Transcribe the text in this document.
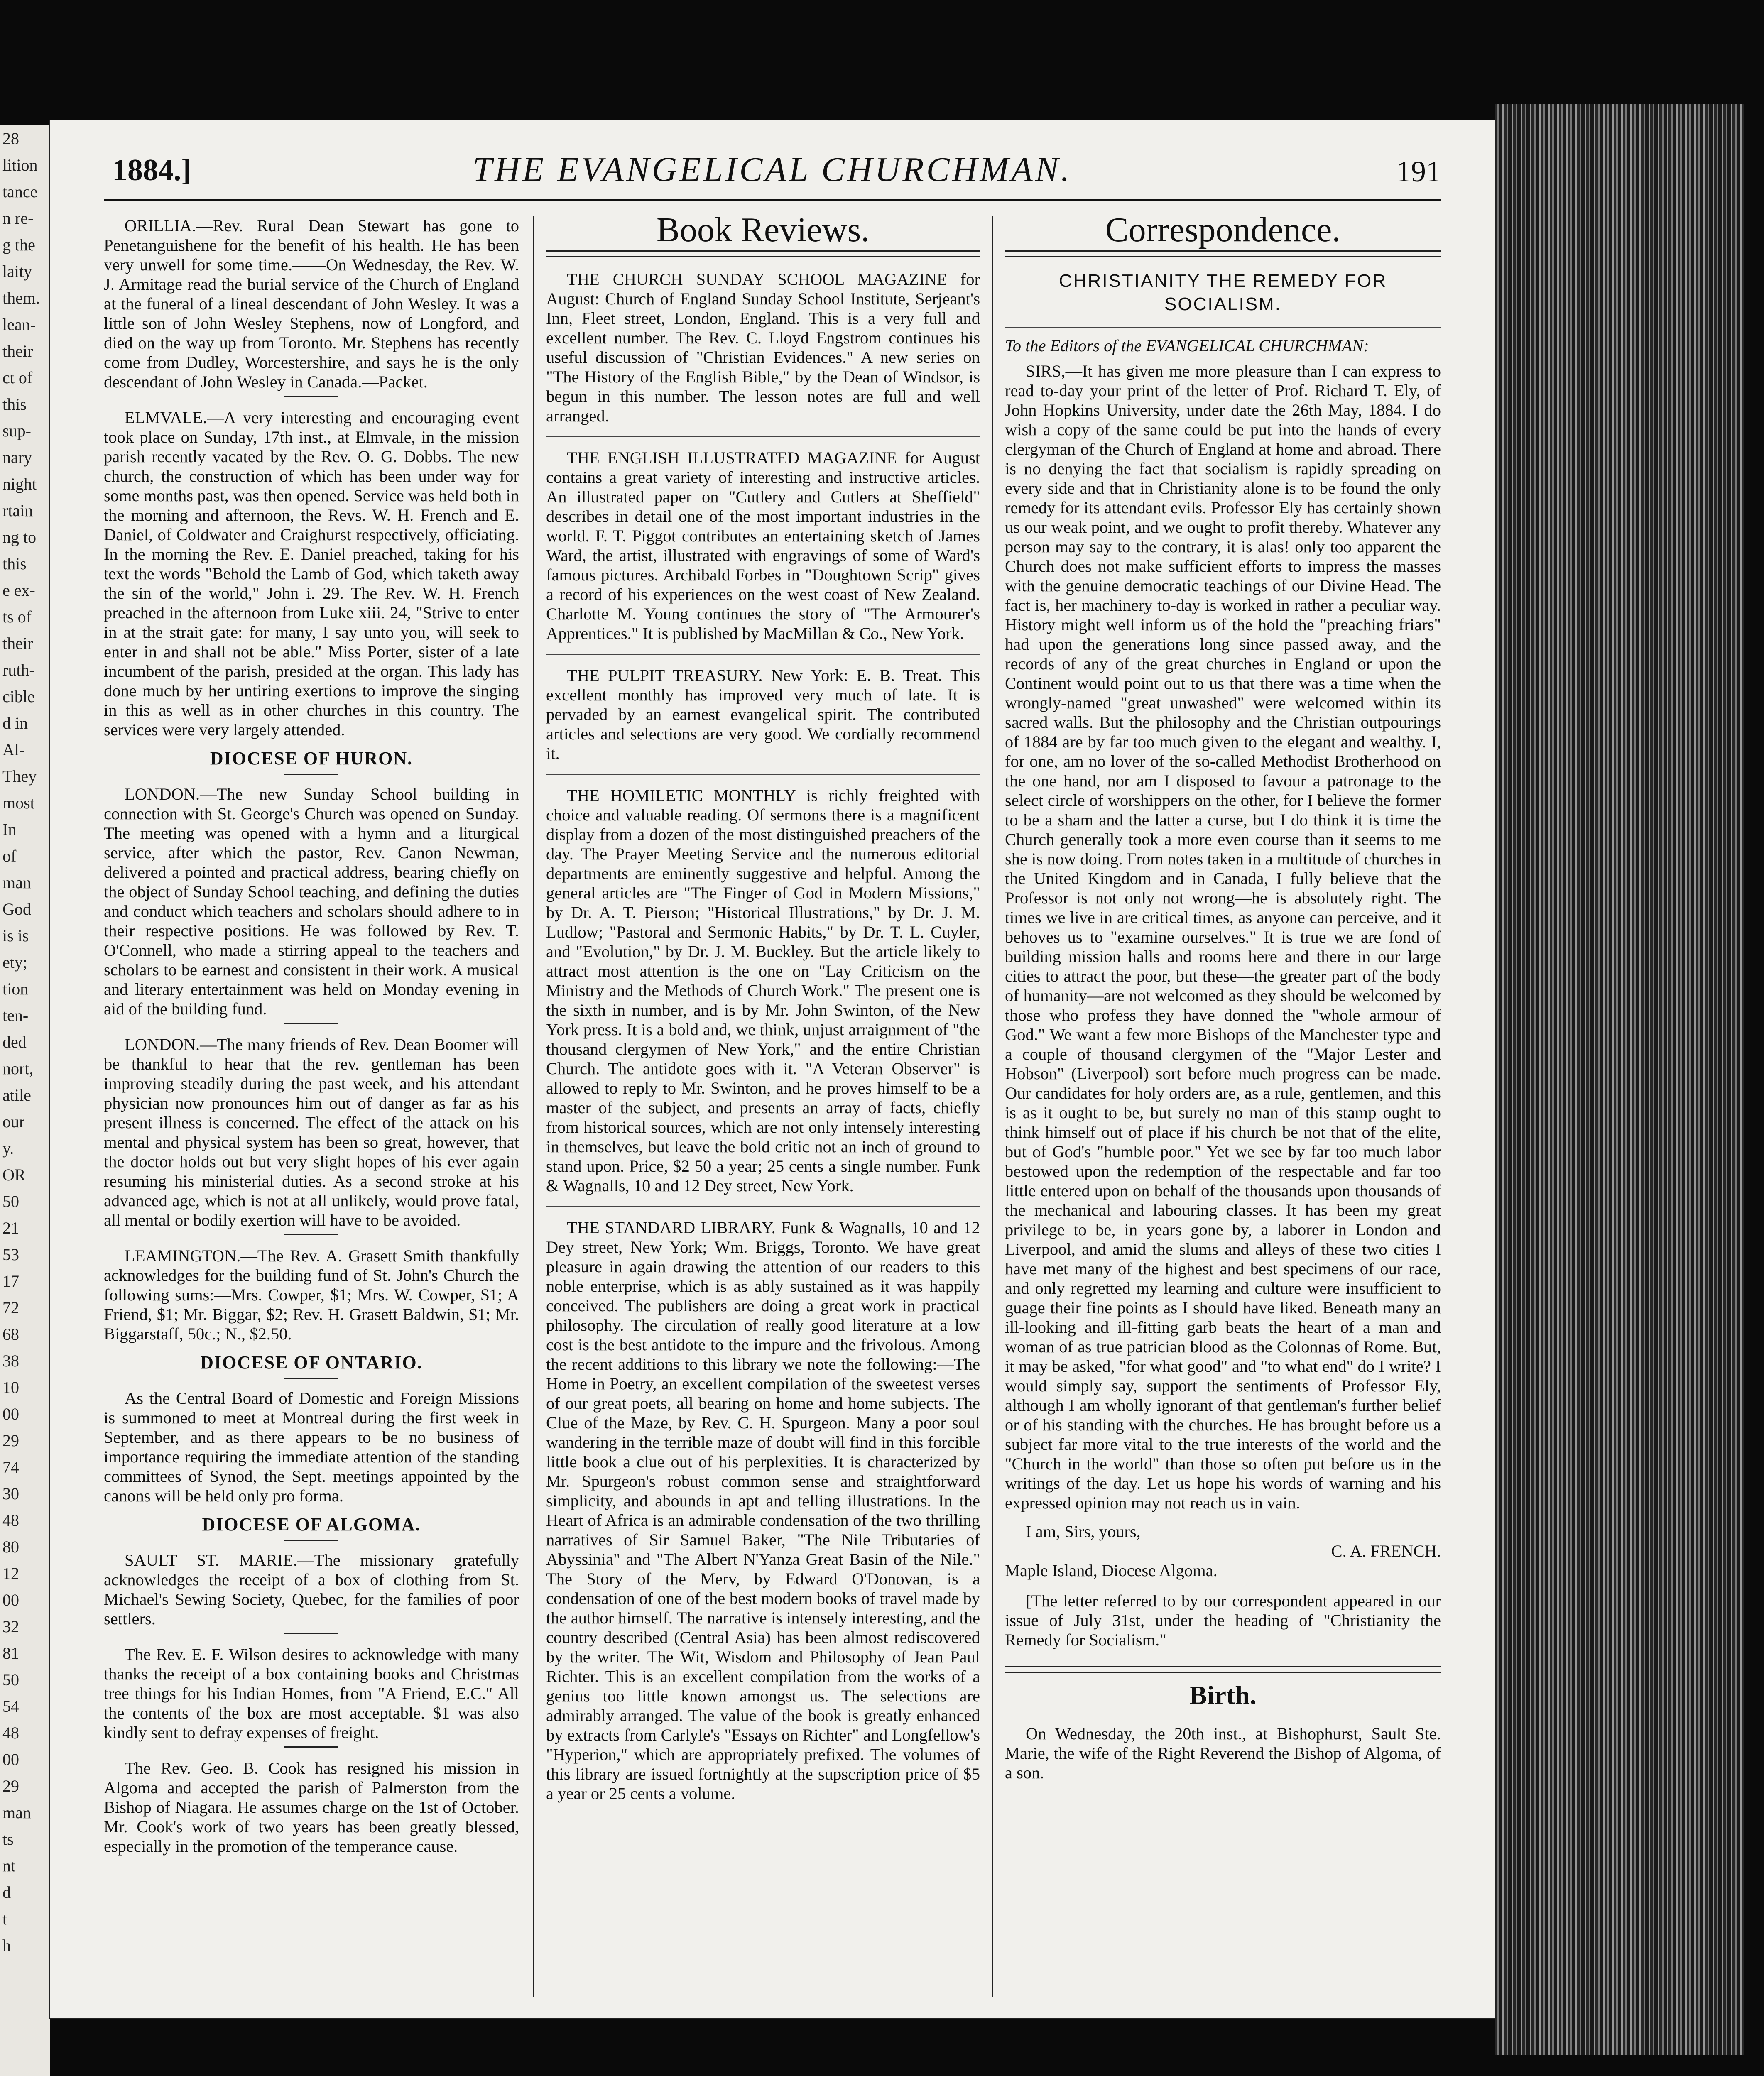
28
lition
tance
n re-
g the
laity
them.
lean-
their
ct of
this
sup-
nary
night
rtain
ng to
this
e ex-
ts of
their
ruth-
cible
d in
Al-
They
most
In
of
man
God
is is
ety;
tion
ten-
ded
nort,
atile
our
y.
OR
50
21
53
17
72
68
38
10
00
29
74
30
48
80
12
00
32
81
50
54
48
00
29
man
ts
nt
d
t
h
1884.]	THE EVANGELICAL CHURCHMAN.	191

ORILLIA.—Rev. Rural Dean Stewart has gone to Penetanguishene for the benefit of his health. He has been very unwell for some time.——On Wednesday, the Rev. W. J. Armitage read the burial service of the Church of England at the funeral of a lineal descendant of John Wesley. It was a little son of John Wesley Stephens, now of Longford, and died on the way up from Toronto. Mr. Stephens has recently come from Dudley, Worcestershire, and says he is the only descendant of John Wesley in Canada.—Packet.

ELMVALE.—A very interesting and encouraging event took place on Sunday, 17th inst., at Elmvale, in the mission parish recently vacated by the Rev. O. G. Dobbs. The new church, the construction of which has been under way for some months past, was then opened. Service was held both in the morning and afternoon, the Revs. W. H. French and E. Daniel, of Coldwater and Craighurst respectively, officiating. In the morning the Rev. E. Daniel preached, taking for his text the words "Behold the Lamb of God, which taketh away the sin of the world," John i. 29. The Rev. W. H. French preached in the afternoon from Luke xiii. 24, "Strive to enter in at the strait gate: for many, I say unto you, will seek to enter in and shall not be able." Miss Porter, sister of a late incumbent of the parish, presided at the organ. This lady has done much by her untiring exertions to improve the singing in this as well as in other churches in this country. The services were very largely attended.

DIOCESE OF HURON.

LONDON.—The new Sunday School building in connection with St. George's Church was opened on Sunday. The meeting was opened with a hymn and a liturgical service, after which the pastor, Rev. Canon Newman, delivered a pointed and practical address, bearing chiefly on the object of Sunday School teaching, and defining the duties and conduct which teachers and scholars should adhere to in their respective positions. He was followed by Rev. T. O'Connell, who made a stirring appeal to the teachers and scholars to be earnest and consistent in their work. A musical and literary entertainment was held on Monday evening in aid of the building fund.

LONDON.—The many friends of Rev. Dean Boomer will be thankful to hear that the rev. gentleman has been improving steadily during the past week, and his attendant physician now pronounces him out of danger as far as his present illness is concerned. The effect of the attack on his mental and physical system has been so great, however, that the doctor holds out but very slight hopes of his ever again resuming his ministerial duties. As a second stroke at his advanced age, which is not at all unlikely, would prove fatal, all mental or bodily exertion will have to be avoided.

LEAMINGTON.—The Rev. A. Grasett Smith thankfully acknowledges for the building fund of St. John's Church the following sums:—Mrs. Cowper, $1; Mrs. W. Cowper, $1; A Friend, $1; Mr. Biggar, $2; Rev. H. Grasett Baldwin, $1; Mr. Biggarstaff, 50c.; N., $2.50.

DIOCESE OF ONTARIO.

As the Central Board of Domestic and Foreign Missions is summoned to meet at Montreal during the first week in September, and as there appears to be no business of importance requiring the immediate attention of the standing committees of Synod, the Sept. meetings appointed by the canons will be held only pro forma.

DIOCESE OF ALGOMA.

SAULT ST. MARIE.—The missionary gratefully acknowledges the receipt of a box of clothing from St. Michael's Sewing Society, Quebec, for the families of poor settlers.

The Rev. E. F. Wilson desires to acknowledge with many thanks the receipt of a box containing books and Christmas tree things for his Indian Homes, from "A Friend, E.C." All the contents of the box are most acceptable. $1 was also kindly sent to defray expenses of freight.

The Rev. Geo. B. Cook has resigned his mission in Algoma and accepted the parish of Palmerston from the Bishop of Niagara. He assumes charge on the 1st of October. Mr. Cook's work of two years has been greatly blessed, especially in the promotion of the temperance cause.

Book Reviews.

THE CHURCH SUNDAY SCHOOL MAGAZINE for August: Church of England Sunday School Institute, Serjeant's Inn, Fleet street, London, England. This is a very full and excellent number. The Rev. C. Lloyd Engstrom continues his useful discussion of "Christian Evidences." A new series on "The History of the English Bible," by the Dean of Windsor, is begun in this number. The lesson notes are full and well arranged.

THE ENGLISH ILLUSTRATED MAGAZINE for August contains a great variety of interesting and instructive articles. An illustrated paper on "Cutlery and Cutlers at Sheffield" describes in detail one of the most important industries in the world. F. T. Piggot contributes an entertaining sketch of James Ward, the artist, illustrated with engravings of some of Ward's famous pictures. Archibald Forbes in "Doughtown Scrip" gives a record of his experiences on the west coast of New Zealand. Charlotte M. Young continues the story of "The Armourer's Apprentices." It is published by MacMillan & Co., New York.

THE PULPIT TREASURY. New York: E. B. Treat. This excellent monthly has improved very much of late. It is pervaded by an earnest evangelical spirit. The contributed articles and selections are very good. We cordially recommend it.

THE HOMILETIC MONTHLY is richly freighted with choice and valuable reading. Of sermons there is a magnificent display from a dozen of the most distinguished preachers of the day. The Prayer Meeting Service and the numerous editorial departments are eminently suggestive and helpful. Among the general articles are "The Finger of God in Modern Missions," by Dr. A. T. Pierson; "Historical Illustrations," by Dr. J. M. Ludlow; "Pastoral and Sermonic Habits," by Dr. T. L. Cuyler, and "Evolution," by Dr. J. M. Buckley. But the article likely to attract most attention is the one on "Lay Criticism on the Ministry and the Methods of Church Work." The present one is the sixth in number, and is by Mr. John Swinton, of the New York press. It is a bold and, we think, unjust arraignment of "the thousand clergymen of New York," and the entire Christian Church. The antidote goes with it. "A Veteran Observer" is allowed to reply to Mr. Swinton, and he proves himself to be a master of the subject, and presents an array of facts, chiefly from historical sources, which are not only intensely interesting in themselves, but leave the bold critic not an inch of ground to stand upon. Price, $2 50 a year; 25 cents a single number. Funk & Wagnalls, 10 and 12 Dey street, New York.

THE STANDARD LIBRARY. Funk & Wagnalls, 10 and 12 Dey street, New York; Wm. Briggs, Toronto. We have great pleasure in again drawing the attention of our readers to this noble enterprise, which is as ably sustained as it was happily conceived. The publishers are doing a great work in practical philosophy. The circulation of really good literature at a low cost is the best antidote to the impure and the frivolous. Among the recent additions to this library we note the following:—The Home in Poetry, an excellent compilation of the sweetest verses of our great poets, all bearing on home and home subjects. The Clue of the Maze, by Rev. C. H. Spurgeon. Many a poor soul wandering in the terrible maze of doubt will find in this forcible little book a clue out of his perplexities. It is characterized by Mr. Spurgeon's robust common sense and straightforward simplicity, and abounds in apt and telling illustrations. In the Heart of Africa is an admirable condensation of the two thrilling narratives of Sir Samuel Baker, "The Nile Tributaries of Abyssinia" and "The Albert N'Yanza Great Basin of the Nile." The Story of the Merv, by Edward O'Donovan, is a condensation of one of the best modern books of travel made by the author himself. The narrative is intensely interesting, and the country described (Central Asia) has been almost rediscovered by the writer. The Wit, Wisdom and Philosophy of Jean Paul Richter. This is an excellent compilation from the works of a genius too little known amongst us. The selections are admirably arranged. The value of the book is greatly enhanced by extracts from Carlyle's "Essays on Richter" and Longfellow's "Hyperion," which are appropriately prefixed. The volumes of this library are issued fortnightly at the supscription price of $5 a year or 25 cents a volume.

Correspondence.
CHRISTIANITY THE REMEDY FOR SOCIALISM.

To the Editors of the EVANGELICAL CHURCHMAN:

SIRS,—It has given me more pleasure than I can express to read to-day your print of the letter of Prof. Richard T. Ely, of John Hopkins University, under date the 26th May, 1884. I do wish a copy of the same could be put into the hands of every clergyman of the Church of England at home and abroad. There is no denying the fact that socialism is rapidly spreading on every side and that in Christianity alone is to be found the only remedy for its attendant evils. Professor Ely has certainly shown us our weak point, and we ought to profit thereby. Whatever any person may say to the contrary, it is alas! only too apparent the Church does not make sufficient efforts to impress the masses with the genuine democratic teachings of our Divine Head. The fact is, her machinery to-day is worked in rather a peculiar way. History might well inform us of the hold the "preaching friars" had upon the generations long since passed away, and the records of any of the great churches in England or upon the Continent would point out to us that there was a time when the wrongly-named "great unwashed" were welcomed within its sacred walls. But the philosophy and the Christian outpourings of 1884 are by far too much given to the elegant and wealthy. I, for one, am no lover of the so-called Methodist Brotherhood on the one hand, nor am I disposed to favour a patronage to the select circle of worshippers on the other, for I believe the former to be a sham and the latter a curse, but I do think it is time the Church generally took a more even course than it seems to me she is now doing. From notes taken in a multitude of churches in the United Kingdom and in Canada, I fully believe that the Professor is not only not wrong—he is absolutely right. The times we live in are critical times, as anyone can perceive, and it behoves us to "examine ourselves." It is true we are fond of building mission halls and rooms here and there in our large cities to attract the poor, but these—the greater part of the body of humanity—are not welcomed as they should be welcomed by those who profess they have donned the "whole armour of God." We want a few more Bishops of the Manchester type and a couple of thousand clergymen of the "Major Lester and Hobson" (Liverpool) sort before much progress can be made. Our candidates for holy orders are, as a rule, gentlemen, and this is as it ought to be, but surely no man of this stamp ought to think himself out of place if his church be not that of the elite, but of God's "humble poor." Yet we see by far too much labor bestowed upon the redemption of the respectable and far too little entered upon on behalf of the thousands upon thousands of the mechanical and labouring classes. It has been my great privilege to be, in years gone by, a laborer in London and Liverpool, and amid the slums and alleys of these two cities I have met many of the highest and best specimens of our race, and only regretted my learning and culture were insufficient to guage their fine points as I should have liked. Beneath many an ill-looking and ill-fitting garb beats the heart of a man and woman of as true patrician blood as the Colonnas of Rome. But, it may be asked, "for what good" and "to what end" do I write? I would simply say, support the sentiments of Professor Ely, although I am wholly ignorant of that gentleman's further belief or of his standing with the churches. He has brought before us a subject far more vital to the true interests of the world and the "Church in the world" than those so often put before us in the writings of the day. Let us hope his words of warning and his expressed opinion may not reach us in vain.

I am, Sirs, yours,

C. A. FRENCH.

Maple Island, Diocese Algoma.

[The letter referred to by our correspondent appeared in our issue of July 31st, under the heading of "Christianity the Remedy for Socialism."

Birth.

On Wednesday, the 20th inst., at Bishophurst, Sault Ste. Marie, the wife of the Right Reverend the Bishop of Algoma, of a son.
